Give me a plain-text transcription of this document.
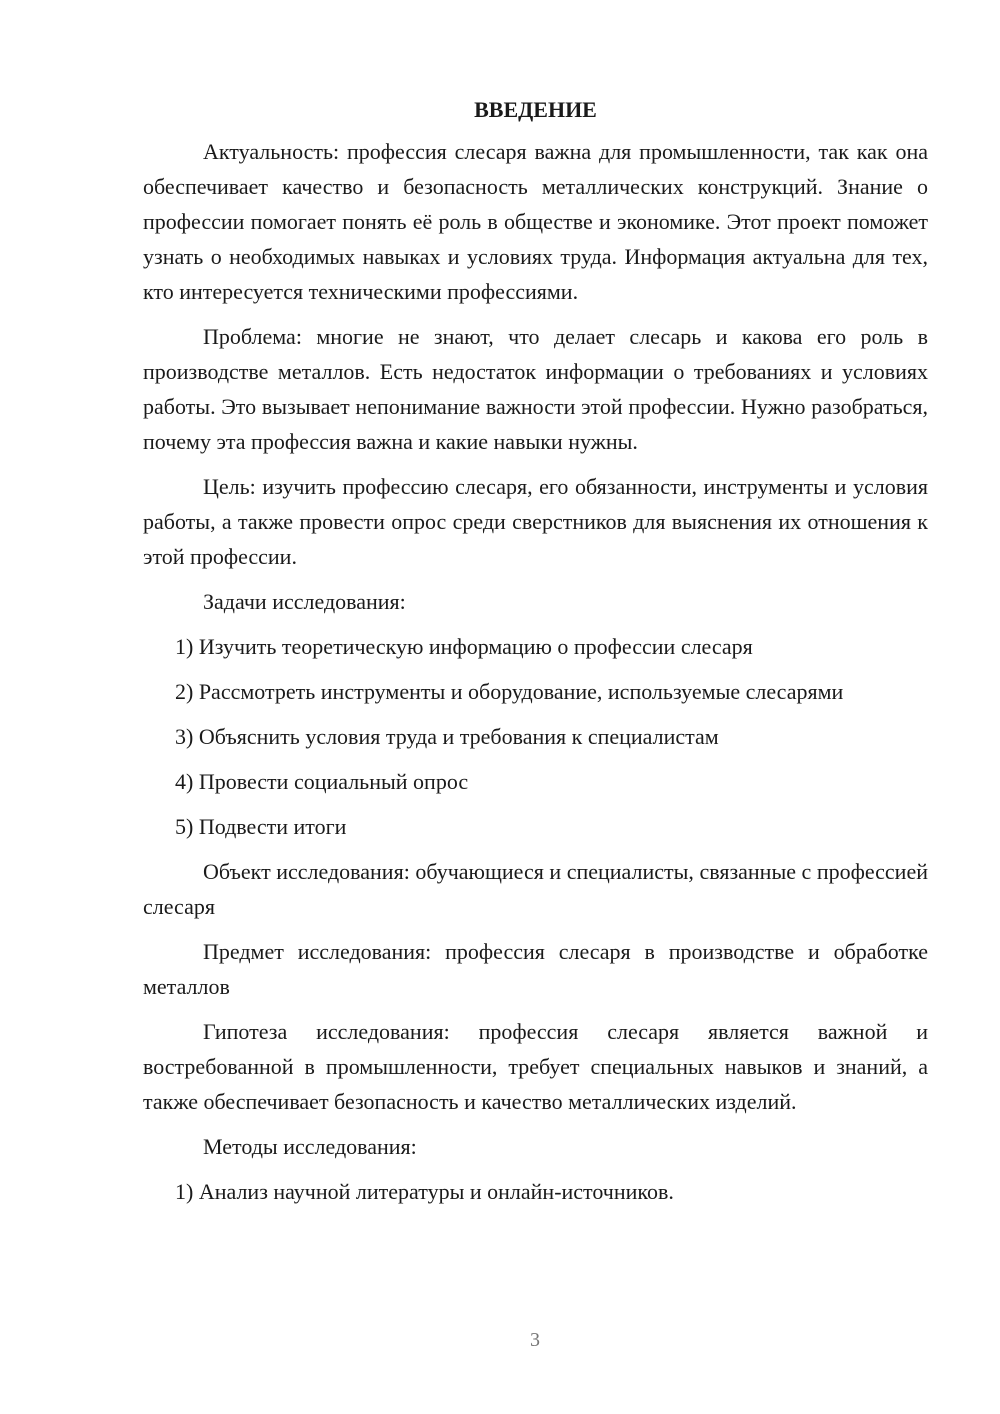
ВВЕДЕНИЕ

Актуальность: профессия слесаря важна для промышленности, так как она обеспечивает качество и безопасность металлических конструкций. Знание о профессии помогает понять её роль в обществе и экономике. Этот проект поможет узнать о необходимых навыках и условиях труда. Информация актуальна для тех, кто интересуется техническими профессиями.

Проблема: многие не знают, что делает слесарь и какова его роль в производстве металлов. Есть недостаток информации о требованиях и условиях работы. Это вызывает непонимание важности этой профессии. Нужно разобраться, почему эта профессия важна и какие навыки нужны.

Цель: изучить профессию слесаря, его обязанности, инструменты и условия работы, а также провести опрос среди сверстников для выяснения их отношения к этой профессии.

Задачи исследования:

1) Изучить теоретическую информацию о профессии слесаря

2) Рассмотреть инструменты и оборудование, используемые слесарями

3) Объяснить условия труда и требования к специалистам

4) Провести социальный опрос

5) Подвести итоги

Объект исследования: обучающиеся и специалисты, связанные с профессией слесаря

Предмет исследования: профессия слесаря в производстве и обработке металлов

Гипотеза исследования: профессия слесаря является важной и востребованной в промышленности, требует специальных навыков и знаний, а также обеспечивает безопасность и качество металлических изделий.

Методы исследования:

1) Анализ научной литературы и онлайн-источников.

3
